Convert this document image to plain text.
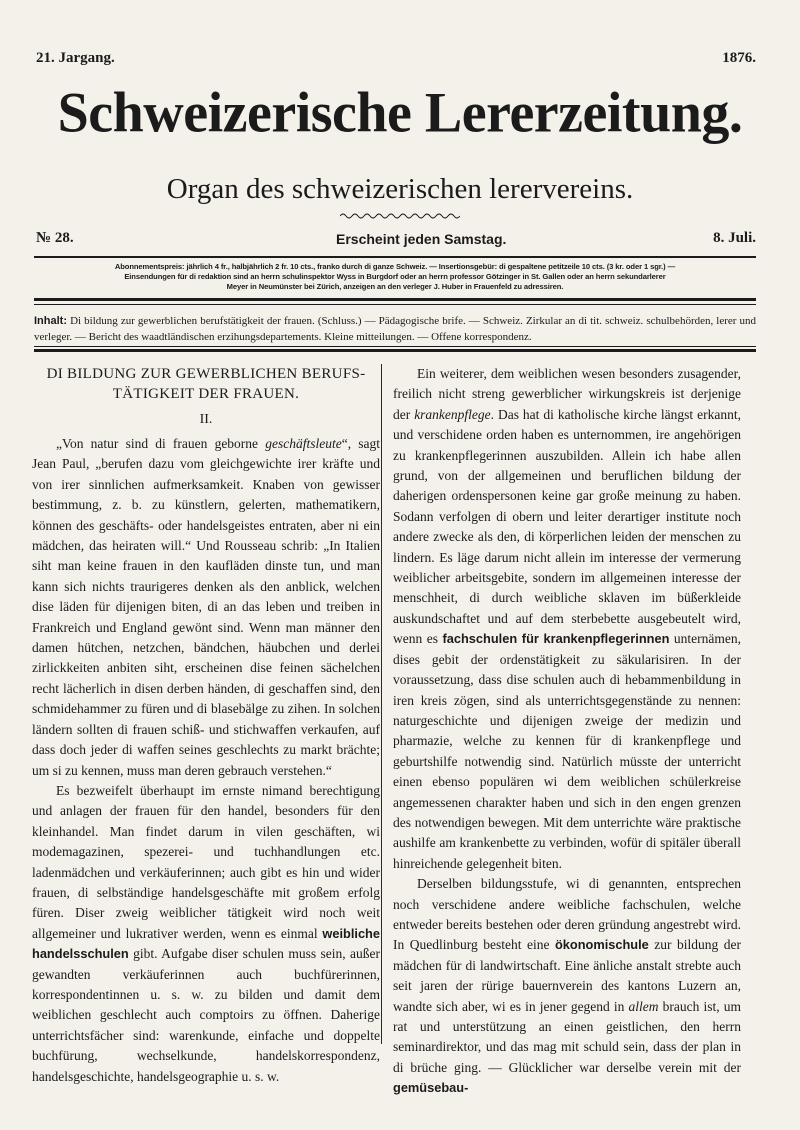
21. Jargang.	1876.
Schweizerische Lererzeitung.
Organ des schweizerischen lerervereins.
№ 28.	Erscheint jeden Samstag.	8. Juli.
Abonnementspreis: jährlich 4 fr., halbjährlich 2 fr. 10 cts., franko durch di ganze Schweiz. — Insertionsgebür: di gespaltene petitzeile 10 cts. (3 kr. oder 1 sgr.) —
Einsendungen für di redaktion sind an herrn schulinspektor Wyss in Burgdorf oder an herrn professor Götzinger in St. Gallen oder an herrn sekundarlerer
Meyer in Neumünster bei Zürich, anzeigen an den verleger J. Huber in Frauenfeld zu adressiren.
Inhalt: Di bildung zur gewerblichen berufstätigkeit der frauen. (Schluss.) — Pädagogische brife. — Schweiz. Zirkular an di tit. schweiz. schulbehörden, lerer und verleger. — Bericht des waadtländischen erzihungsdepartements. Kleine mitteilungen. — Offene korrespondenz.
DI BILDUNG ZUR GEWERBLICHEN BERUFS-TÄTIGKEIT DER FRAUEN.
II.

„Von natur sind di frauen geborne geschäftsleute“, sagt Jean Paul, „berufen dazu vom gleichgewichte irer kräfte und von irer sinnlichen aufmerksamkeit. Knaben von gewisser bestimmung, z. b. zu künstlern, gelerten, mathematikern, können des geschäfts- oder handelsgeistes entraten, aber ni ein mädchen, das heiraten will.“ Und Rousseau schrib: „In Italien siht man keine frauen in den kaufläden dinste tun, und man kann sich nichts traurigeres denken als den anblick, welchen dise läden für dijenigen biten, di an das leben und treiben in Frankreich und England gewönt sind. Wenn man männer den damen hütchen, netzchen, bändchen, häubchen und derlei zirlickkeiten anbiten siht, erscheinen dise feinen sächelchen recht lächerlich in disen derben händen, di geschaffen sind, den schmidehammer zu füren und di blasebälge zu zihen. In solchen ländern sollten di frauen schiß- und stichwaffen verkaufen, auf dass doch jeder di waffen seines geschlechts zu markt brächte; um si zu kennen, muss man deren gebrauch verstehen.“

Es bezweifelt überhaupt im ernste nimand berechtigung und anlagen der frauen für den handel, besonders für den kleinhandel. Man findet darum in vilen geschäften, wi modemagazinen, spezerei- und tuchhandlungen etc. ladenmädchen und verkäuferinnen; auch gibt es hin und wider frauen, di selbständige handelsgeschäfte mit großem erfolg füren. Diser zweig weiblicher tätigkeit wird noch weit allgemeiner und lukrativer werden, wenn es einmal weibliche handelsschulen gibt. Aufgabe diser schulen muss sein, außer gewandten verkäuferinnen auch buchfürerinnen, korrespondentinnen u. s. w. zu bilden und damit dem weiblichen geschlecht auch comptoirs zu öffnen. Daherige unterrichtsfächer sind: warenkunde, einfache und doppelte buchfürung, wechselkunde, handelskorrespondenz, handelsgeschichte, handelsgeographie u. s. w.

Ein weiterer, dem weiblichen wesen besonders zusagender, freilich nicht streng gewerblicher wirkungskreis ist derjenige der krankenpflege. Das hat di katholische kirche längst erkannt, und verschidene orden haben es unternommen, ire angehörigen zu krankenpflegerinnen auszubilden. Allein ich habe allen grund, von der allgemeinen und beruflichen bildung der daherigen ordenspersonen keine gar große meinung zu haben. Sodann verfolgen di obern und leiter derartiger institute noch andere zwecke als den, di körperlichen leiden der menschen zu lindern. Es läge darum nicht allein im interesse der vermerung weiblicher arbeitsgebite, sondern im allgemeinen interesse der menschheit, di durch weibliche sklaven im büßerkleide auskundschaftet und auf dem sterbebette ausgebeutelt wird, wenn es fachschulen für krankenpflegerinnen unternämen, dises gebit der ordenstätigkeit zu säkularisiren. In der voraussetzung, dass dise schulen auch di hebammenbildung in iren kreis zögen, sind als unterrichtsgegenstände zu nennen: naturgeschichte und dijenigen zweige der medizin und pharmazie, welche zu kennen für di krankenpflege und geburtshilfe notwendig sind. Natürlich müsste der unterricht einen ebenso populären wi dem weiblichen schülerkreise angemessenen charakter haben und sich in den engen grenzen des notwendigen bewegen. Mit dem unterrichte wäre praktische aushilfe am krankenbette zu verbinden, wofür di spitäler überall hinreichende gelegenheit biten.

Derselben bildungsstufe, wi di genannten, entsprechen noch verschidene andere weibliche fachschulen, welche entweder bereits bestehen oder deren gründung angestrebt wird. In Quedlinburg besteht eine ökonomischule zur bildung der mädchen für di landwirtschaft. Eine änliche anstalt strebte auch seit jaren der rürige bauernverein des kantons Luzern an, wandte sich aber, wi es in jener gegend in allem brauch ist, um rat und unterstützung an einen geistlichen, den herrn seminardirektor, und das mag mit schuld sein, dass der plan in di brüche ging. — Glücklicher war derselbe verein mit der gemüsebau-
